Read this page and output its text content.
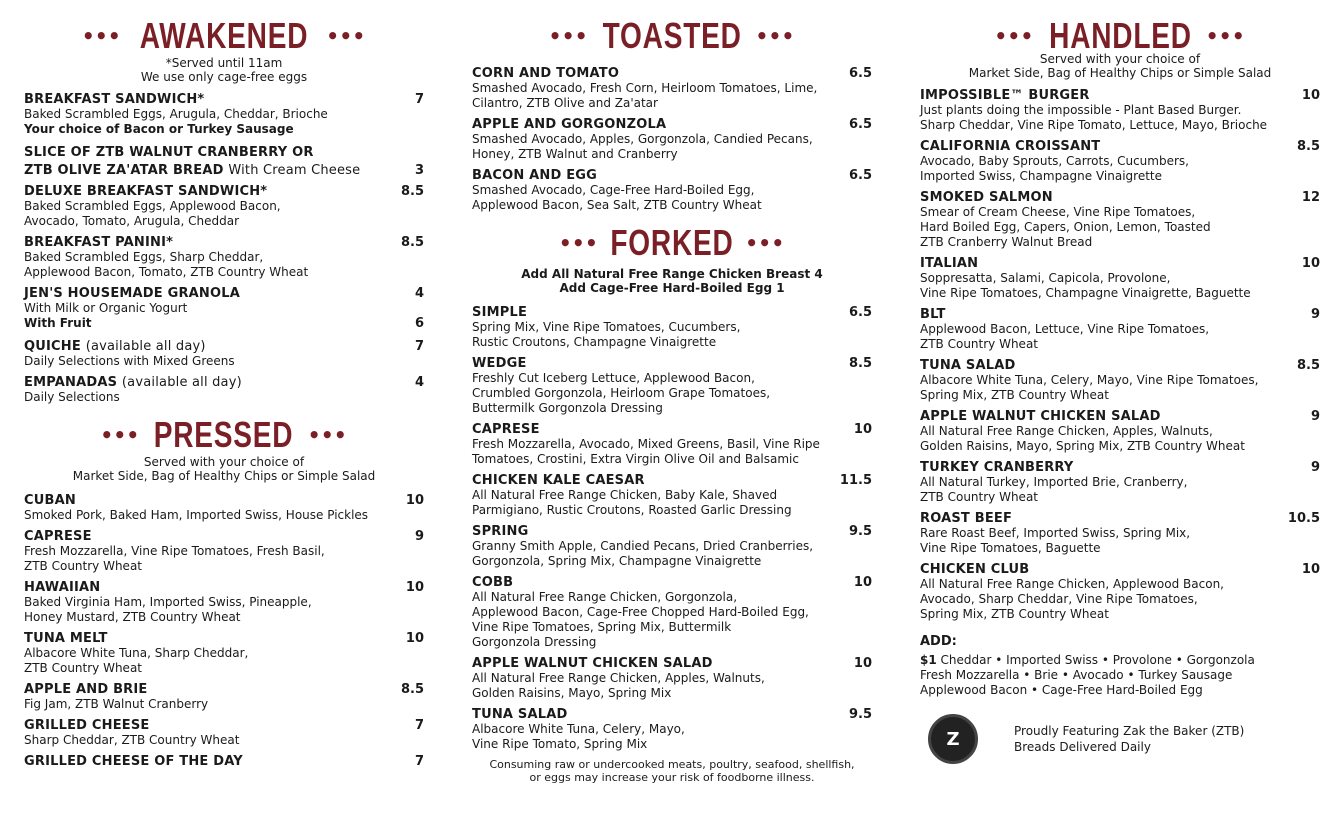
••• AWAKENED •••
*Served until 11am
We use only cage-free eggs
BREAKFAST SANDWICH*	7
Baked Scrambled Eggs, Arugula, Cheddar, Brioche
Your choice of Bacon or Turkey Sausage
SLICE OF ZTB WALNUT CRANBERRY OR
ZTB OLIVE ZA'ATAR BREAD With Cream Cheese	3
DELUXE BREAKFAST SANDWICH*	8.5
Baked Scrambled Eggs, Applewood Bacon,
Avocado, Tomato, Arugula, Cheddar
BREAKFAST PANINI*	8.5
Baked Scrambled Eggs, Sharp Cheddar,
Applewood Bacon, Tomato, ZTB Country Wheat
JEN'S HOUSEMADE GRANOLA	4
With Milk or Organic Yogurt
With Fruit	6
QUICHE (available all day)	7
Daily Selections with Mixed Greens
EMPANADAS (available all day)	4
Daily Selections
••• PRESSED •••
Served with your choice of
Market Side, Bag of Healthy Chips or Simple Salad
CUBAN	10
Smoked Pork, Baked Ham, Imported Swiss, House Pickles
CAPRESE	9
Fresh Mozzarella, Vine Ripe Tomatoes, Fresh Basil,
ZTB Country Wheat
HAWAIIAN	10
Baked Virginia Ham, Imported Swiss, Pineapple,
Honey Mustard, ZTB Country Wheat
TUNA MELT	10
Albacore White Tuna, Sharp Cheddar,
ZTB Country Wheat
APPLE AND BRIE	8.5
Fig Jam, ZTB Walnut Cranberry
GRILLED CHEESE	7
Sharp Cheddar, ZTB Country Wheat
GRILLED CHEESE OF THE DAY	7
••• TOASTED •••
CORN AND TOMATO	6.5
Smashed Avocado, Fresh Corn, Heirloom Tomatoes, Lime,
Cilantro, ZTB Olive and Za'atar
APPLE AND GORGONZOLA	6.5
Smashed Avocado, Apples, Gorgonzola, Candied Pecans,
Honey, ZTB Walnut and Cranberry
BACON AND EGG	6.5
Smashed Avocado, Cage-Free Hard-Boiled Egg,
Applewood Bacon, Sea Salt, ZTB Country Wheat
••• FORKED •••
Add All Natural Free Range Chicken Breast 4
Add Cage-Free Hard-Boiled Egg 1
SIMPLE	6.5
Spring Mix, Vine Ripe Tomatoes, Cucumbers,
Rustic Croutons, Champagne Vinaigrette
WEDGE	8.5
Freshly Cut Iceberg Lettuce, Applewood Bacon,
Crumbled Gorgonzola, Heirloom Grape Tomatoes,
Buttermilk Gorgonzola Dressing
CAPRESE	10
Fresh Mozzarella, Avocado, Mixed Greens, Basil, Vine Ripe
Tomatoes, Crostini, Extra Virgin Olive Oil and Balsamic
CHICKEN KALE CAESAR	11.5
All Natural Free Range Chicken, Baby Kale, Shaved
Parmigiano, Rustic Croutons, Roasted Garlic Dressing
SPRING	9.5
Granny Smith Apple, Candied Pecans, Dried Cranberries,
Gorgonzola, Spring Mix, Champagne Vinaigrette
COBB	10
All Natural Free Range Chicken, Gorgonzola,
Applewood Bacon, Cage-Free Chopped Hard-Boiled Egg,
Vine Ripe Tomatoes, Spring Mix, Buttermilk
Gorgonzola Dressing
APPLE WALNUT CHICKEN SALAD	10
All Natural Free Range Chicken, Apples, Walnuts,
Golden Raisins, Mayo, Spring Mix
TUNA SALAD	9.5
Albacore White Tuna, Celery, Mayo,
Vine Ripe Tomato, Spring Mix
Consuming raw or undercooked meats, poultry, seafood, shellfish,
or eggs may increase your risk of foodborne illness.
••• HANDLED •••
Served with your choice of
Market Side, Bag of Healthy Chips or Simple Salad
IMPOSSIBLE™ BURGER	10
Just plants doing the impossible - Plant Based Burger.
Sharp Cheddar, Vine Ripe Tomato, Lettuce, Mayo, Brioche
CALIFORNIA CROISSANT	8.5
Avocado, Baby Sprouts, Carrots, Cucumbers,
Imported Swiss, Champagne Vinaigrette
SMOKED SALMON	12
Smear of Cream Cheese, Vine Ripe Tomatoes,
Hard Boiled Egg, Capers, Onion, Lemon, Toasted
ZTB Cranberry Walnut Bread
ITALIAN	10
Soppresatta, Salami, Capicola, Provolone,
Vine Ripe Tomatoes, Champagne Vinaigrette, Baguette
BLT	9
Applewood Bacon, Lettuce, Vine Ripe Tomatoes,
ZTB Country Wheat
TUNA SALAD	8.5
Albacore White Tuna, Celery, Mayo, Vine Ripe Tomatoes,
Spring Mix, ZTB Country Wheat
APPLE WALNUT CHICKEN SALAD	9
All Natural Free Range Chicken, Apples, Walnuts,
Golden Raisins, Mayo, Spring Mix, ZTB Country Wheat
TURKEY CRANBERRY	9
All Natural Turkey, Imported Brie, Cranberry,
ZTB Country Wheat
ROAST BEEF	10.5
Rare Roast Beef, Imported Swiss, Spring Mix,
Vine Ripe Tomatoes, Baguette
CHICKEN CLUB	10
All Natural Free Range Chicken, Applewood Bacon,
Avocado, Sharp Cheddar, Vine Ripe Tomatoes,
Spring Mix, ZTB Country Wheat
ADD:
$1 Cheddar • Imported Swiss • Provolone • Gorgonzola
Fresh Mozzarella • Brie • Avocado • Turkey Sausage
Applewood Bacon • Cage-Free Hard-Boiled Egg
Z	Proudly Featuring Zak the Baker (ZTB)
Breads Delivered Daily
